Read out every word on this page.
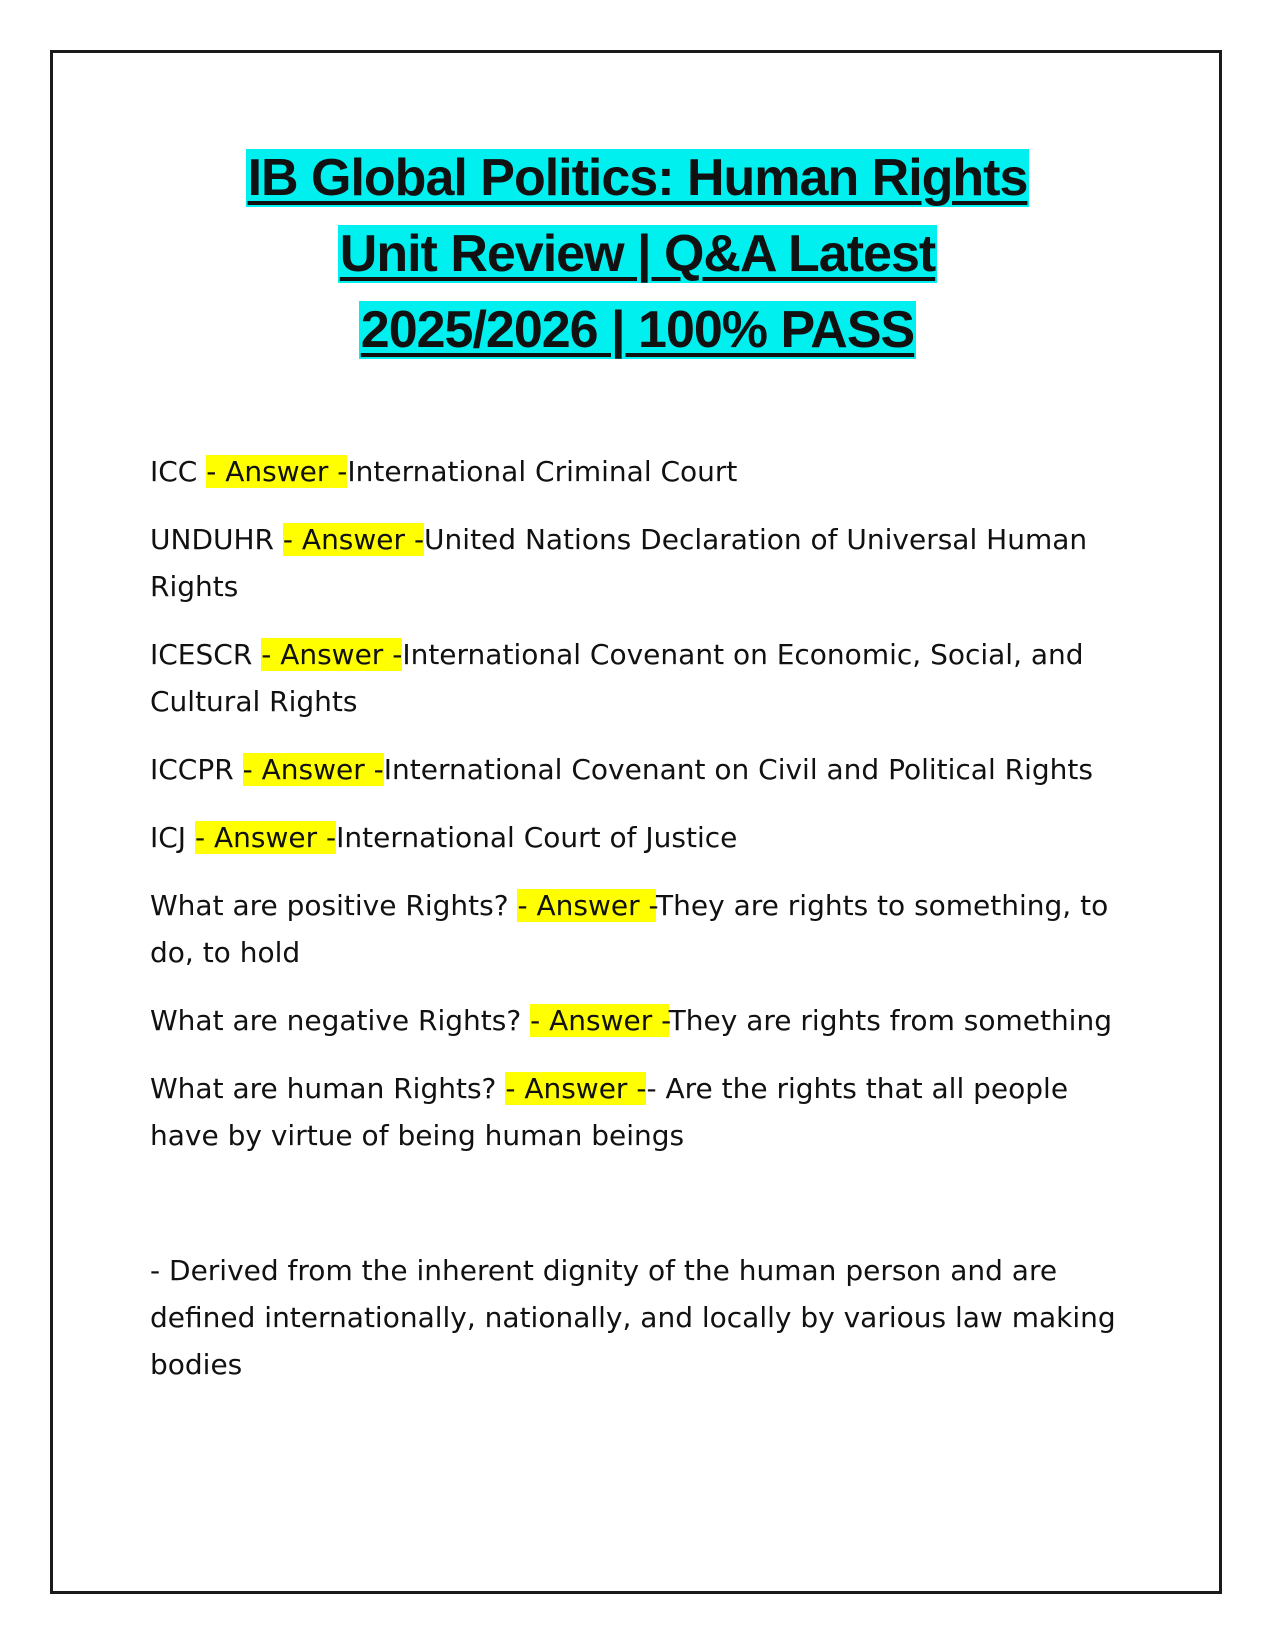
IB Global Politics: Human Rights
Unit Review | Q&A Latest
2025/2026 | 100% PASS

ICC - Answer -International Criminal Court

UNDUHR - Answer -United Nations Declaration of Universal Human Rights

ICESCR - Answer -International Covenant on Economic, Social, and Cultural Rights

ICCPR - Answer -International Covenant on Civil and Political Rights

ICJ - Answer -International Court of Justice

What are positive Rights? - Answer -They are rights to something, to do, to hold

What are negative Rights? - Answer -They are rights from something

What are human Rights? - Answer -- Are the rights that all people have by virtue of being human beings

- Derived from the inherent dignity of the human person and are defined internationally, nationally, and locally by various law making bodies
